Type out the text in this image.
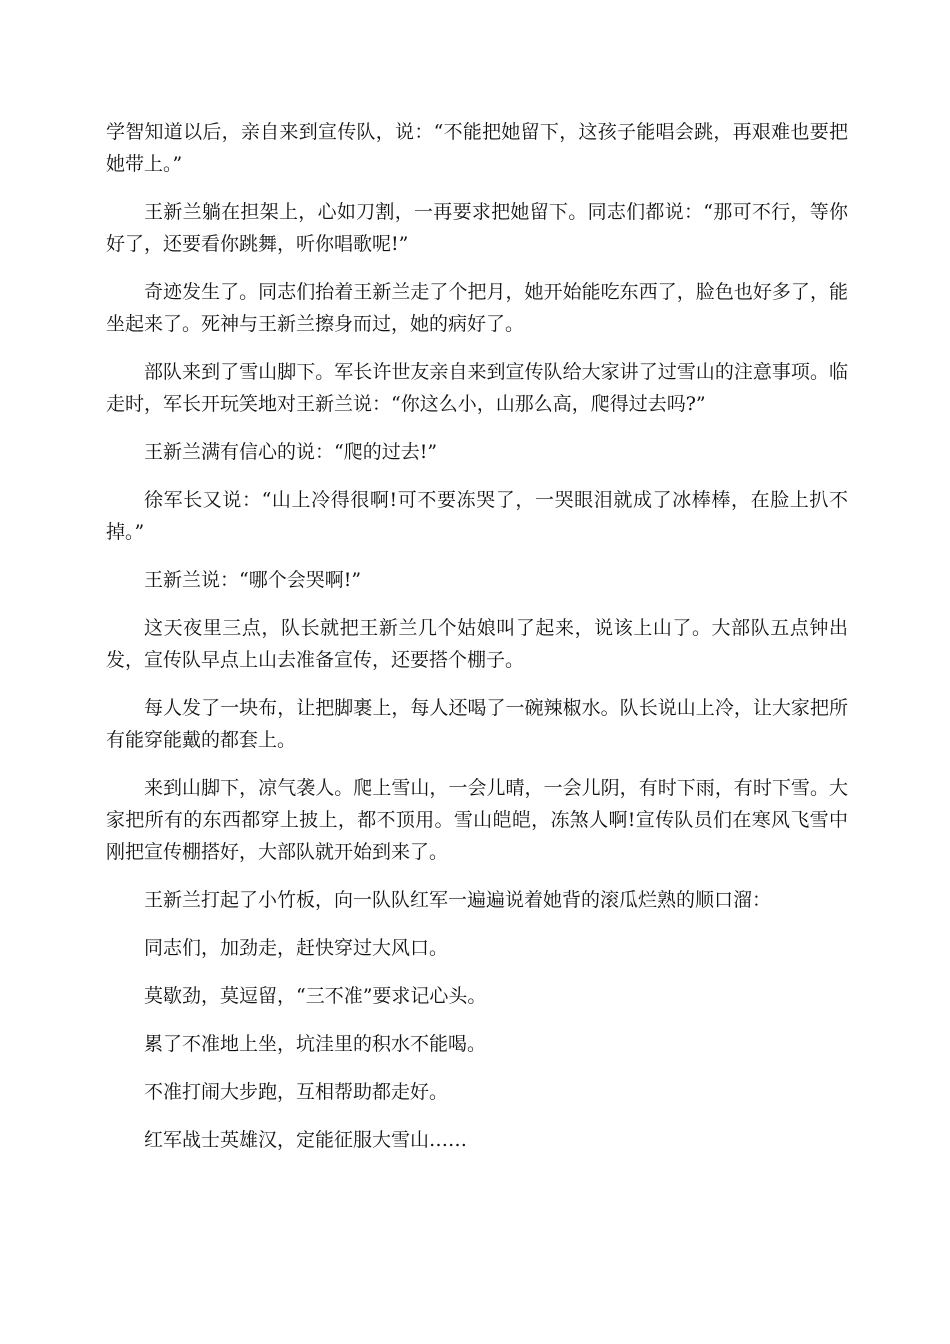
学智知道以后，亲自来到宣传队，说：“不能把她留下，这孩子能唱会跳，再艰难也要把她带上。”

王新兰躺在担架上，心如刀割，一再要求把她留下。同志们都说：“那可不行，等你好了，还要看你跳舞，听你唱歌呢!”

奇迹发生了。同志们抬着王新兰走了个把月，她开始能吃东西了，脸色也好多了，能坐起来了。死神与王新兰擦身而过，她的病好了。

部队来到了雪山脚下。军长许世友亲自来到宣传队给大家讲了过雪山的注意事项。临走时，军长开玩笑地对王新兰说：“你这么小，山那么高，爬得过去吗?”

王新兰满有信心的说：“爬的过去!”

徐军长又说：“山上冷得很啊!可不要冻哭了，一哭眼泪就成了冰棒棒，在脸上扒不掉。”

王新兰说：“哪个会哭啊!”

这天夜里三点，队长就把王新兰几个姑娘叫了起来，说该上山了。大部队五点钟出发，宣传队早点上山去准备宣传，还要搭个棚子。

每人发了一块布，让把脚裹上，每人还喝了一碗辣椒水。队长说山上冷，让大家把所有能穿能戴的都套上。

来到山脚下，凉气袭人。爬上雪山，一会儿晴，一会儿阴，有时下雨，有时下雪。大家把所有的东西都穿上披上，都不顶用。雪山皑皑，冻煞人啊!宣传队员们在寒风飞雪中刚把宣传棚搭好，大部队就开始到来了。

王新兰打起了小竹板，向一队队红军一遍遍说着她背的滚瓜烂熟的顺口溜：

同志们，加劲走，赶快穿过大风口。

莫歇劲，莫逗留，“三不准”要求记心头。

累了不准地上坐，坑洼里的积水不能喝。

不准打闹大步跑，互相帮助都走好。

红军战士英雄汉，定能征服大雪山……
